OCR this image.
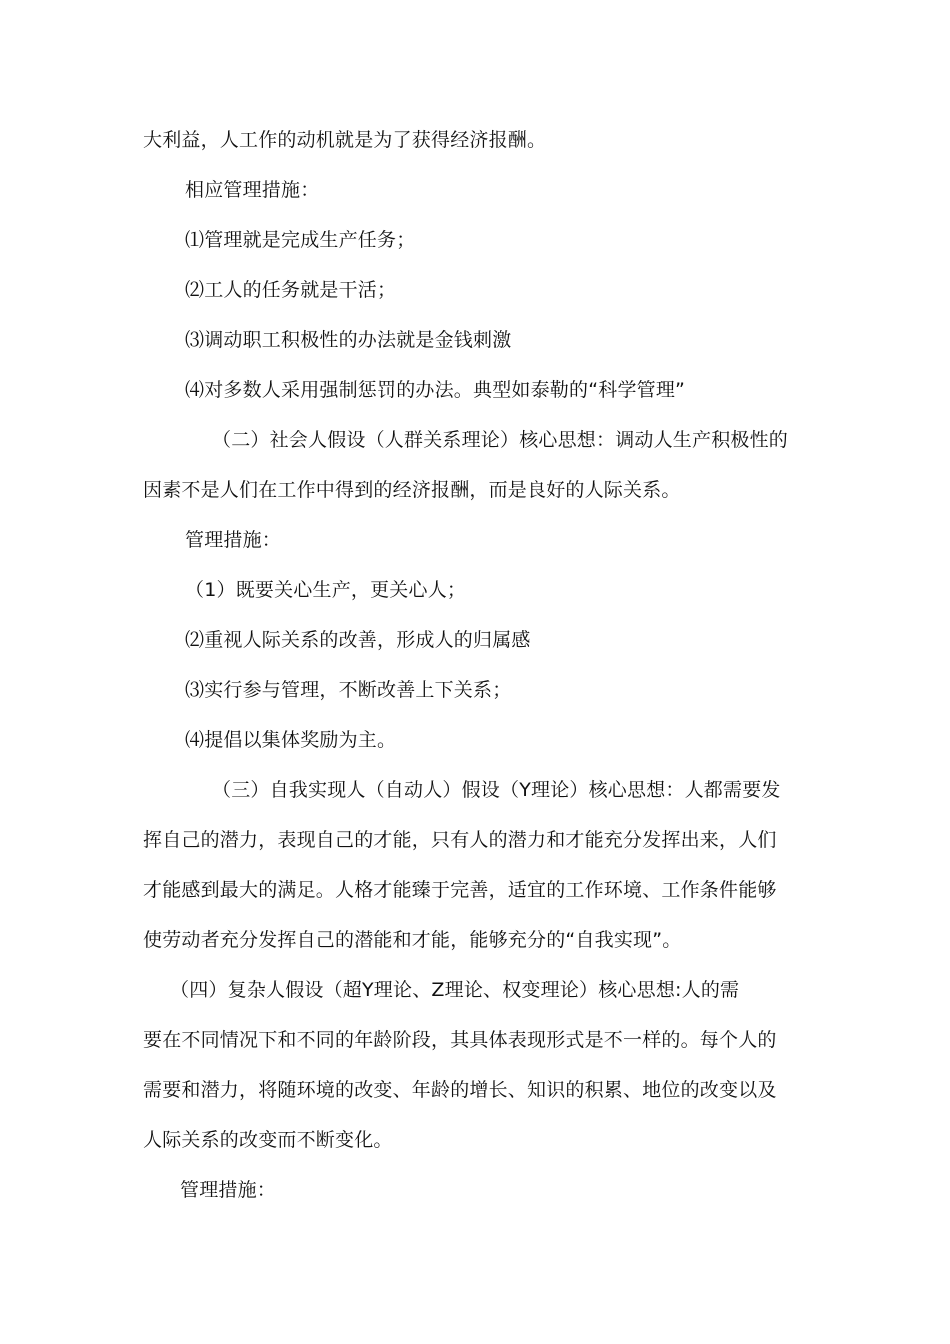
大利益，人工作的动机就是为了获得经济报酬。
相应管理措施：
⑴管理就是完成生产任务；
⑵工人的任务就是干活；
⑶调动职工积极性的办法就是金钱刺激
⑷对多数人采用强制惩罚的办法。典型如泰勒的“科学管理”
（二）社会人假设（人群关系理论）核心思想：调动人生产积极性的
因素不是人们在工作中得到的经济报酬，而是良好的人际关系。
管理措施：
（1）既要关心生产，更关心人；
⑵重视人际关系的改善，形成人的归属感
⑶实行参与管理，不断改善上下关系；
⑷提倡以集体奖励为主。
（三）自我实现人（自动人）假设（Y理论）核心思想：人都需要发
挥自己的潜力，表现自己的才能，只有人的潜力和才能充分发挥出来，人们
才能感到最大的满足。人格才能臻于完善，适宜的工作环境、工作条件能够
使劳动者充分发挥自己的潜能和才能，能够充分的“自我实现”。
（四）复杂人假设（超Y理论、Z理论、权变理论）核心思想:人的需
要在不同情况下和不同的年龄阶段，其具体表现形式是不一样的。每个人的
需要和潜力，将随环境的改变、年龄的增长、知识的积累、地位的改变以及
人际关系的改变而不断变化。
管理措施：
